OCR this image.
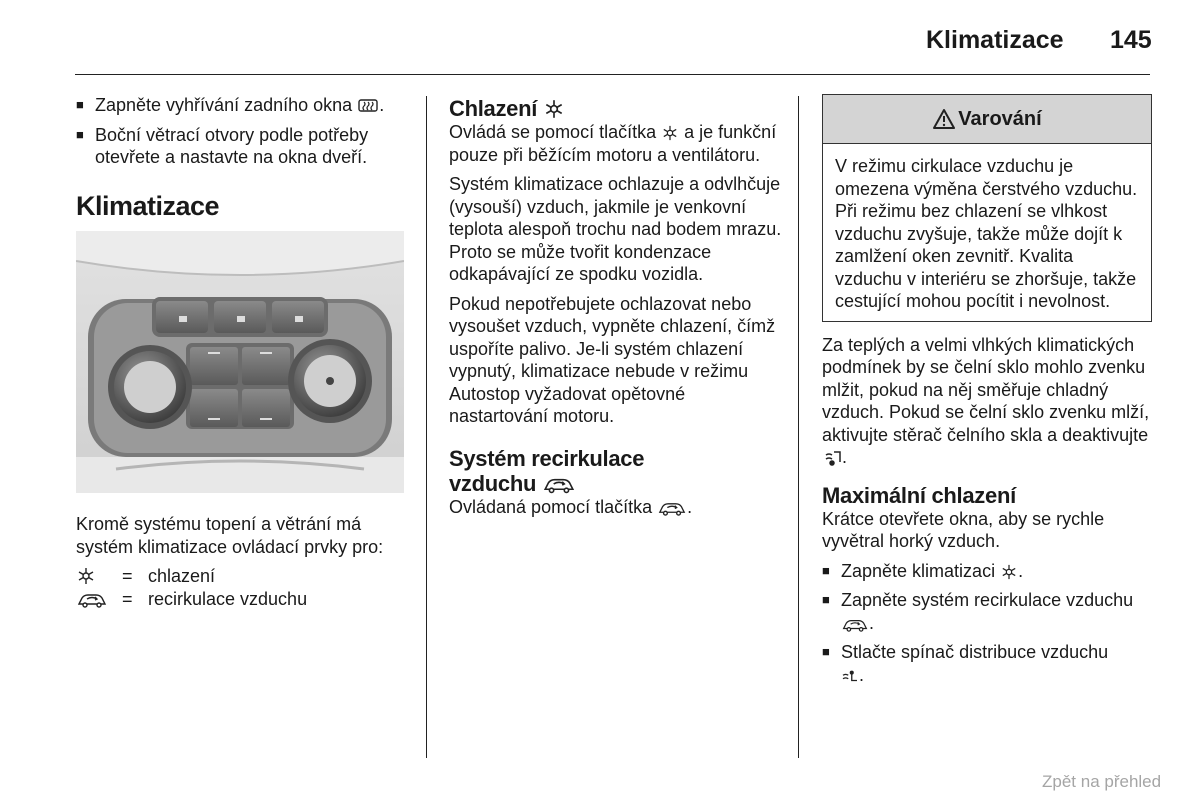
Klimatizace 145
■ Zapněte vyhřívání zadního okna .
■ Boční větrací otvory podle potřeby otevřete a nastavte na okna dveří.
Klimatizace

Kromě systému topení a větrání má systém klimatizace ovládací prvky pro:

	=	chlazení
	=	recirkulace vzduchu
Chlazení

Ovládá se pomocí tlačítka a je funkční pouze při běžícím motoru a ventilátoru.

Systém klimatizace ochlazuje a odvlhčuje (vysouší) vzduch, jakmile je venkovní teplota alespoň trochu nad bodem mrazu. Proto se může tvořit kondenzace odkapávající ze spodku vozidla.

Pokud nepotřebujete ochlazovat nebo vysoušet vzduch, vypněte chlazení, čímž uspoříte palivo. Je-li systém chlazení vypnutý, klimatizace nebude v režimu Autostop vyžadovat opětovné nastartování motoru.

Systém recirkulace
vzduchu

Ovládaná pomocí tlačítka .

Varování
V režimu cirkulace vzduchu je omezena výměna čerstvého vzduchu. Při režimu bez chlazení se vlhkost vzduchu zvyšuje, takže může dojít k zamlžení oken zevnitř. Kvalita vzduchu v interiéru se zhoršuje, takže cestující mohou pocítit i nevolnost.

Za teplých a velmi vlhkých klimatických podmínek by se čelní sklo mohlo zvenku mlžit, pokud na něj směřuje chladný vzduch. Pokud se čelní sklo zvenku mlží, aktivujte stěrač čelního skla a deaktivujte .

Maximální chlazení

Krátce otevřete okna, aby se rychle vyvětral horký vzduch.

■ Zapněte klimatizaci .
■ Zapněte systém recirkulace vzduchu .
■ Stlačte spínač distribuce vzduchu
.
Zpět na přehled
